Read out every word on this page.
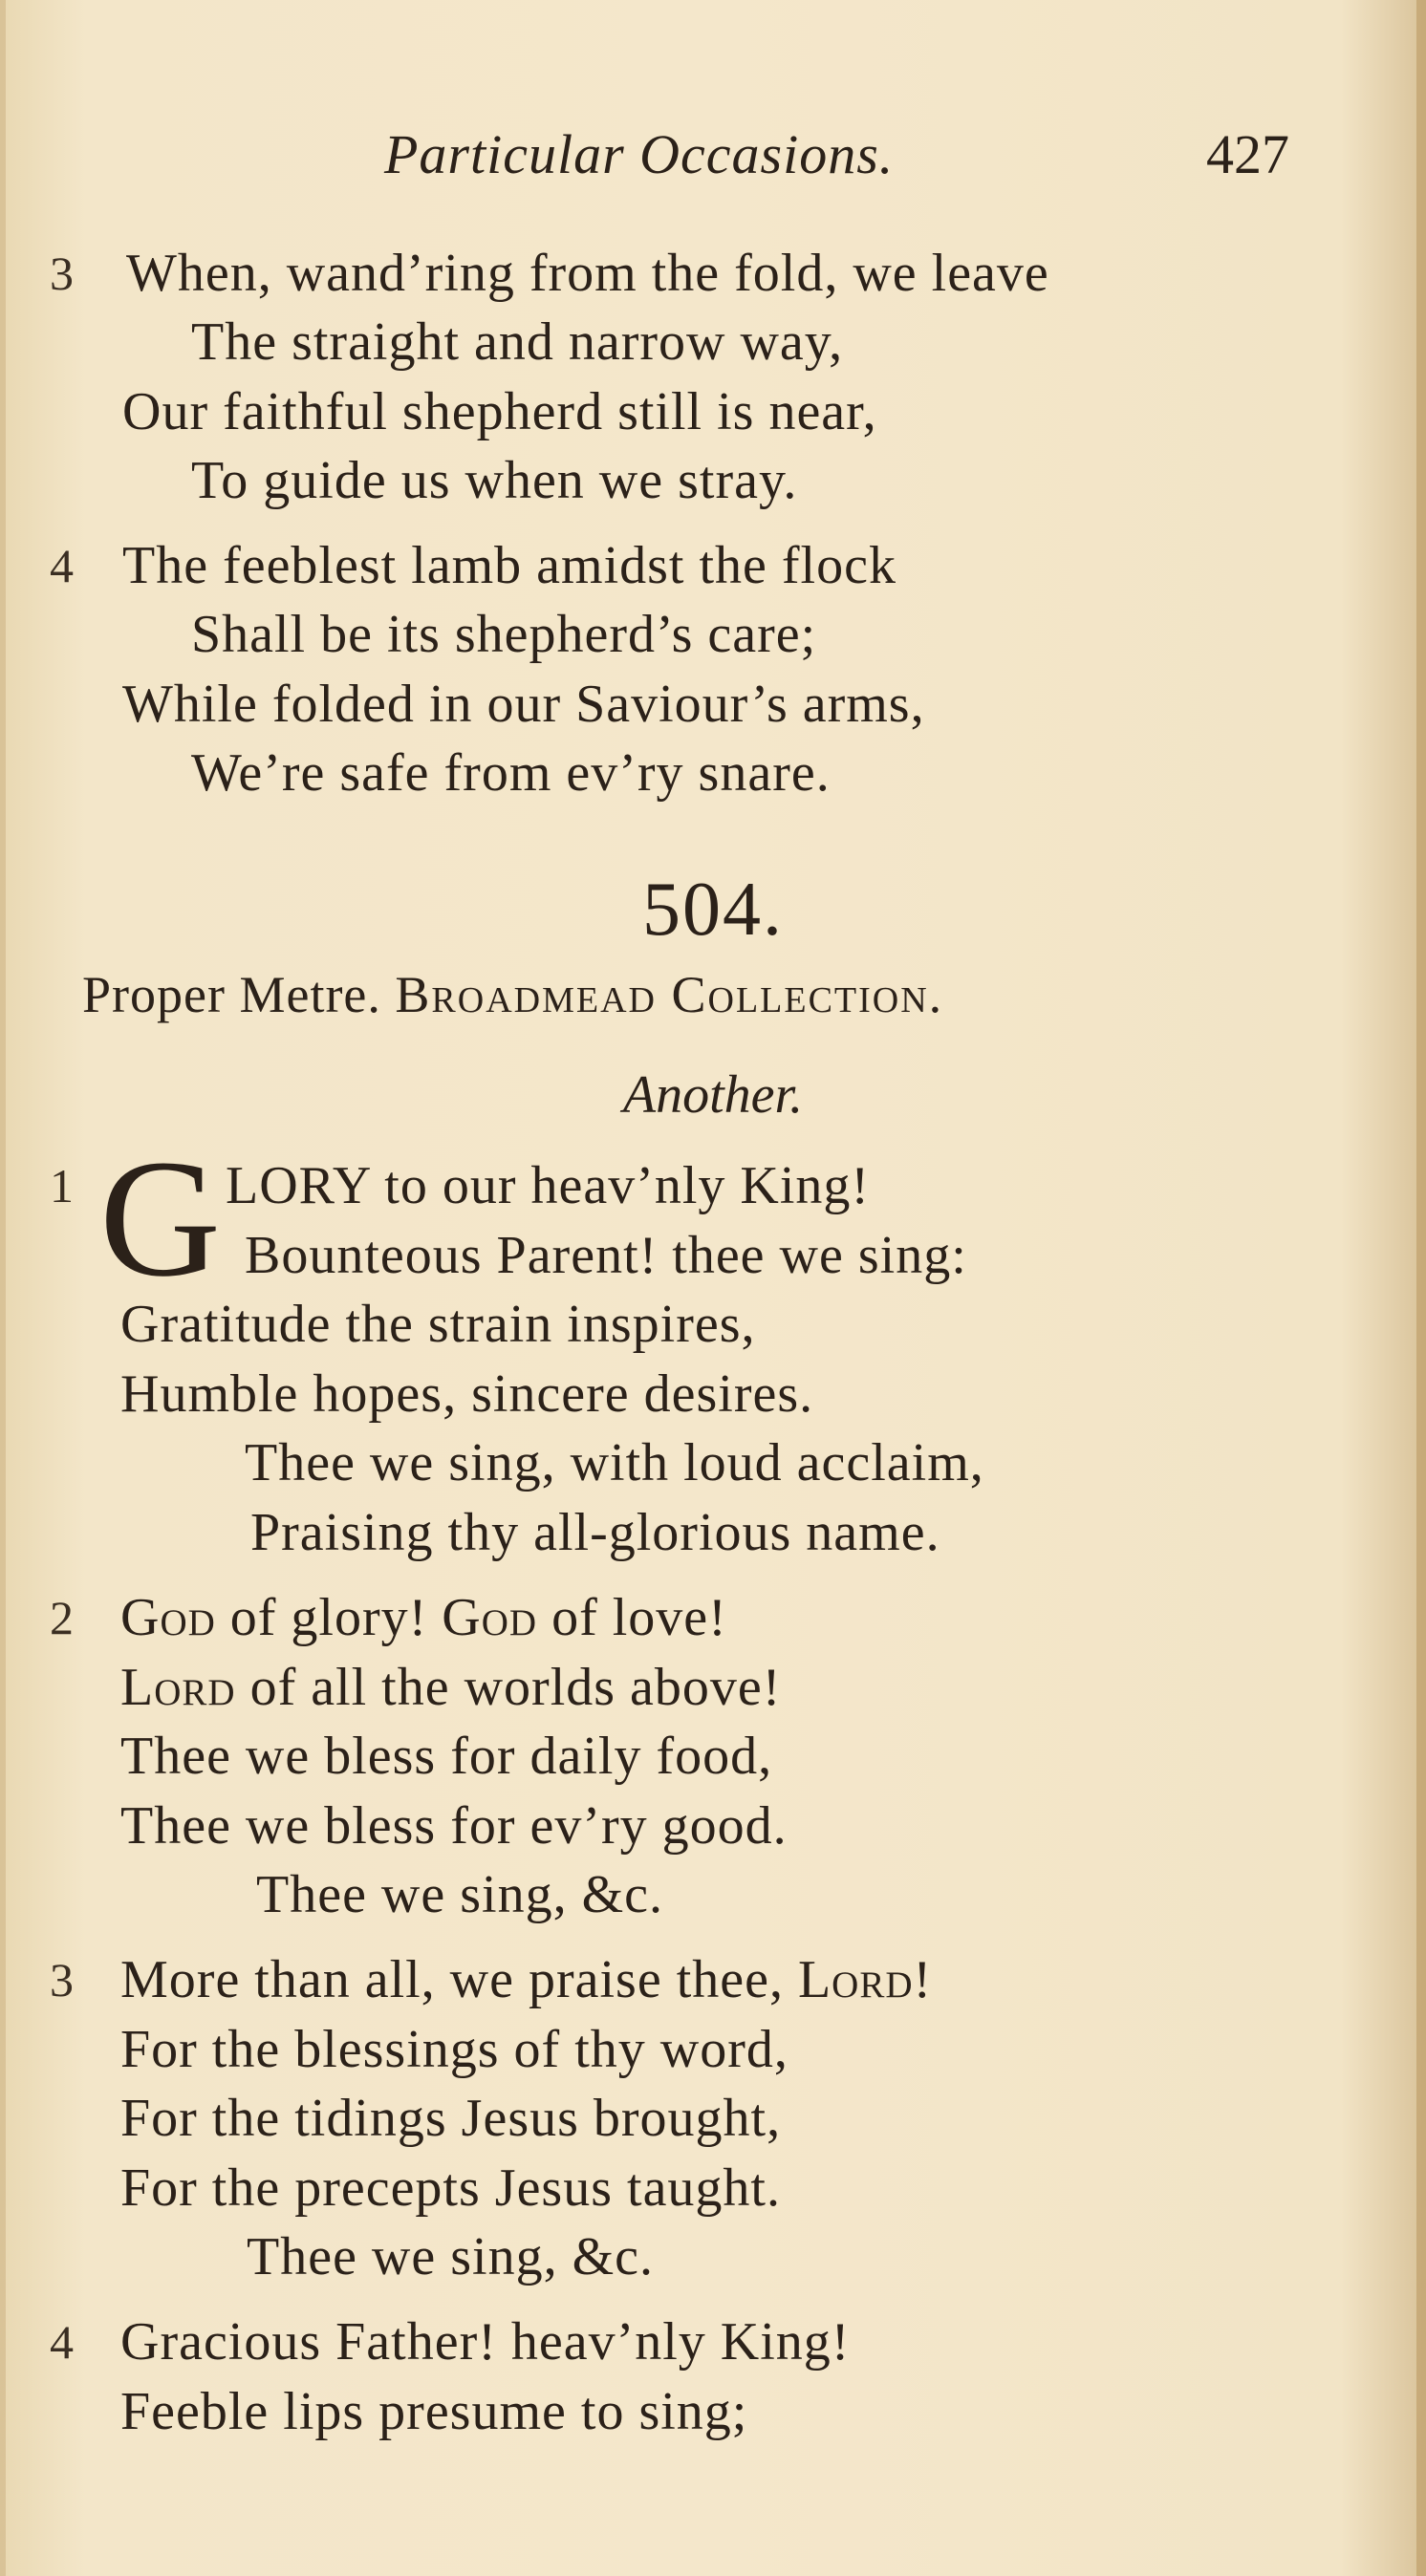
Particular Occasions.	427
3 When, wand’ring from the fold, we leave
The straight and narrow way,
Our faithful shepherd still is near,
To guide us when we stray.
4 The feeblest lamb amidst the flock
Shall be its shepherd’s care;
While folded in our Saviour’s arms,
We’re safe from ev’ry snare.
504.
Proper Metre. Broadmead Collection.
Another.
1 G LORY to our heav’nly King!
Bounteous Parent! thee we sing:
Gratitude the strain inspires,
Humble hopes, sincere desires.
Thee we sing, with loud acclaim,
Praising thy all-glorious name.
2 God of glory! God of love!
Lord of all the worlds above!
Thee we bless for daily food,
Thee we bless for ev’ry good.
Thee we sing, &c.
3 More than all, we praise thee, Lord!
For the blessings of thy word,
For the tidings Jesus brought,
For the precepts Jesus taught.
Thee we sing, &c.
4 Gracious Father! heav’nly King!
Feeble lips presume to sing;
